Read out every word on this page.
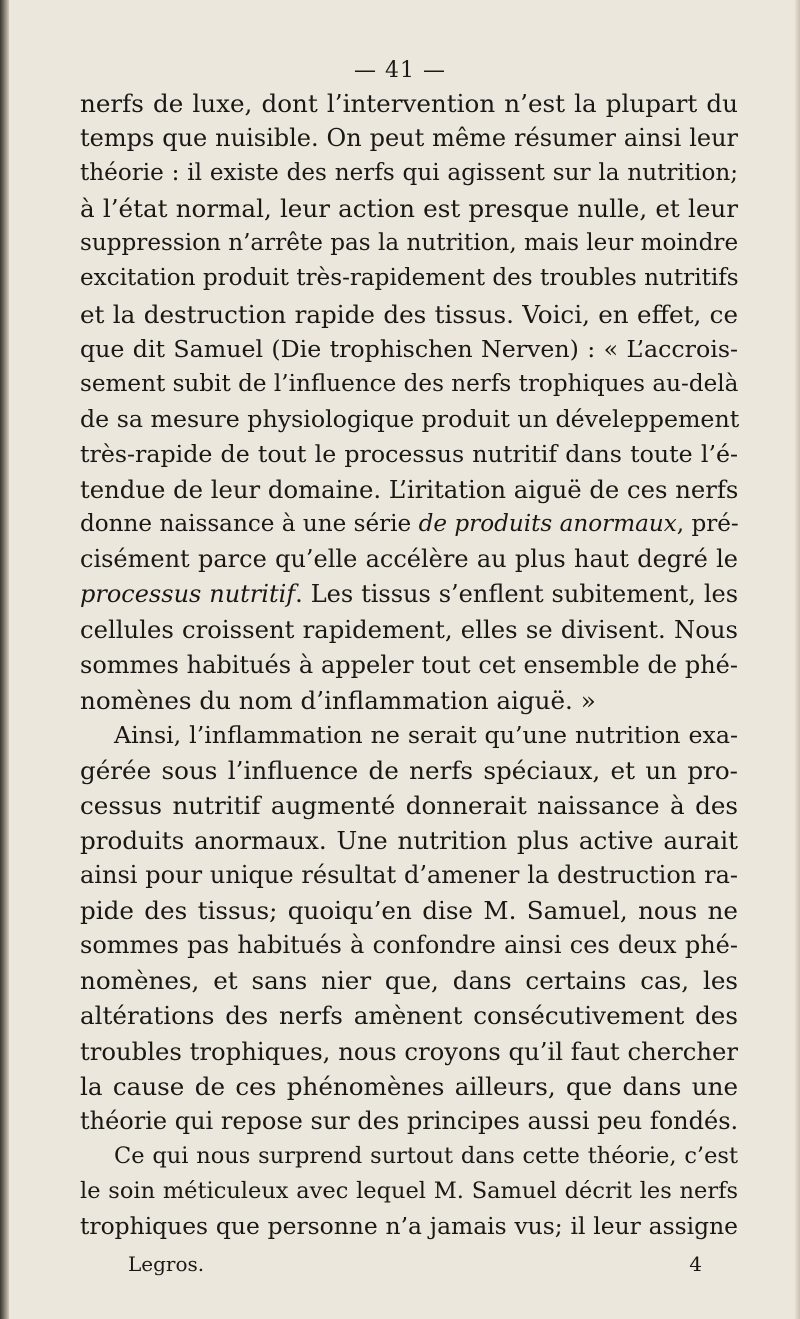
— 41 —
nerfs de luxe, dont l’intervention n’est la plupart du
temps que nuisible. On peut même résumer ainsi leur
théorie : il existe des nerfs qui agissent sur la nutrition;
à l’état normal, leur action est presque nulle, et leur
suppression n’arrête pas la nutrition, mais leur moindre
excitation produit très-rapidement des troubles nutritifs
et la destruction rapide des tissus. Voici, en effet, ce
que dit Samuel (Die trophischen Nerven) : « L’accrois-
sement subit de l’influence des nerfs trophiques au-delà
de sa mesure physiologique produit un déveleppement
très-rapide de tout le processus nutritif dans toute l’é-
tendue de leur domaine. L’iritation aiguë de ces nerfs
donne naissance à une série de produits anormaux, pré-
cisément parce qu’elle accélère au plus haut degré le
processus nutritif. Les tissus s’enflent subitement, les
cellules croissent rapidement, elles se divisent. Nous
sommes habitués à appeler tout cet ensemble de phé-
nomènes du nom d’inflammation aiguë. »
Ainsi, l’inflammation ne serait qu’une nutrition exa-
gérée sous l’influence de nerfs spéciaux, et un pro-
cessus nutritif augmenté donnerait naissance à des
produits anormaux. Une nutrition plus active aurait
ainsi pour unique résultat d’amener la destruction ra-
pide des tissus; quoiqu’en dise M. Samuel, nous ne
sommes pas habitués à confondre ainsi ces deux phé-
nomènes, et sans nier que, dans certains cas, les
altérations des nerfs amènent consécutivement des
troubles trophiques, nous croyons qu’il faut chercher
la cause de ces phénomènes ailleurs, que dans une
théorie qui repose sur des principes aussi peu fondés.
Ce qui nous surprend surtout dans cette théorie, c’est
le soin méticuleux avec lequel M. Samuel décrit les nerfs
trophiques que personne n’a jamais vus; il leur assigne
Legros.	4
